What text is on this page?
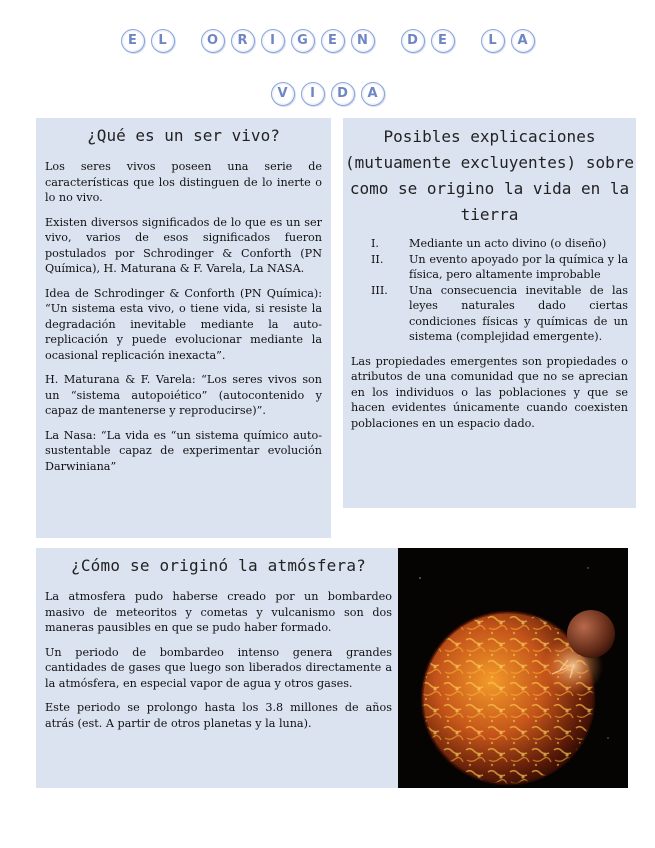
E	L	O	R	I	G	E	N	D	E	L	A
V	I	D	A
¿Qué es un ser vivo?

Los seres vivos poseen una serie de características que los distinguen de lo inerte o lo no vivo.

Existen diversos significados de lo que es un ser vivo, varios de esos significados fueron postulados por Schrodinger & Conforth (PN Química), H. Maturana & F. Varela, La NASA.

Idea de Schrodinger & Conforth (PN Química): “Un sistema esta vivo, o tiene vida, si resiste la degradación inevitable mediante la auto-replicación y puede evolucionar mediante la ocasional replicación inexacta”.

H. Maturana & F. Varela: “Los seres vivos son un “sistema autopoiético” (autocontenido y capaz de mantenerse y reproducirse)”.

La Nasa: “La vida es “un sistema químico auto-sustentable capaz de experimentar evolución Darwiniana”

Posibles explicaciones (mutuamente excluyentes) sobre como se origino la vida en la tierra
I.	Mediante un acto divino (o diseño)
II. Un evento apoyado por la química y la física, pero altamente improbable
III. Una consecuencia inevitable de las leyes naturales dado ciertas condiciones físicas y químicas de un sistema (complejidad emergente).

Las propiedades emergentes son propiedades o atributos de una comunidad que no se aprecian en los individuos o las poblaciones y que se hacen evidentes únicamente cuando coexisten poblaciones en un espacio dado.

¿Cómo se originó la atmósfera?

La atmosfera pudo haberse creado por un bombardeo masivo de meteoritos y cometas y vulcanismo son dos maneras pausibles en que se pudo haber formado.

Un periodo de bombardeo intenso genera grandes cantidades de gases que luego son liberados directamente a la atmósfera, en especial vapor de agua y otros gases.

Este periodo se prolongo hasta los 3.8 millones de años atrás (est. A partir de otros planetas y la luna).
